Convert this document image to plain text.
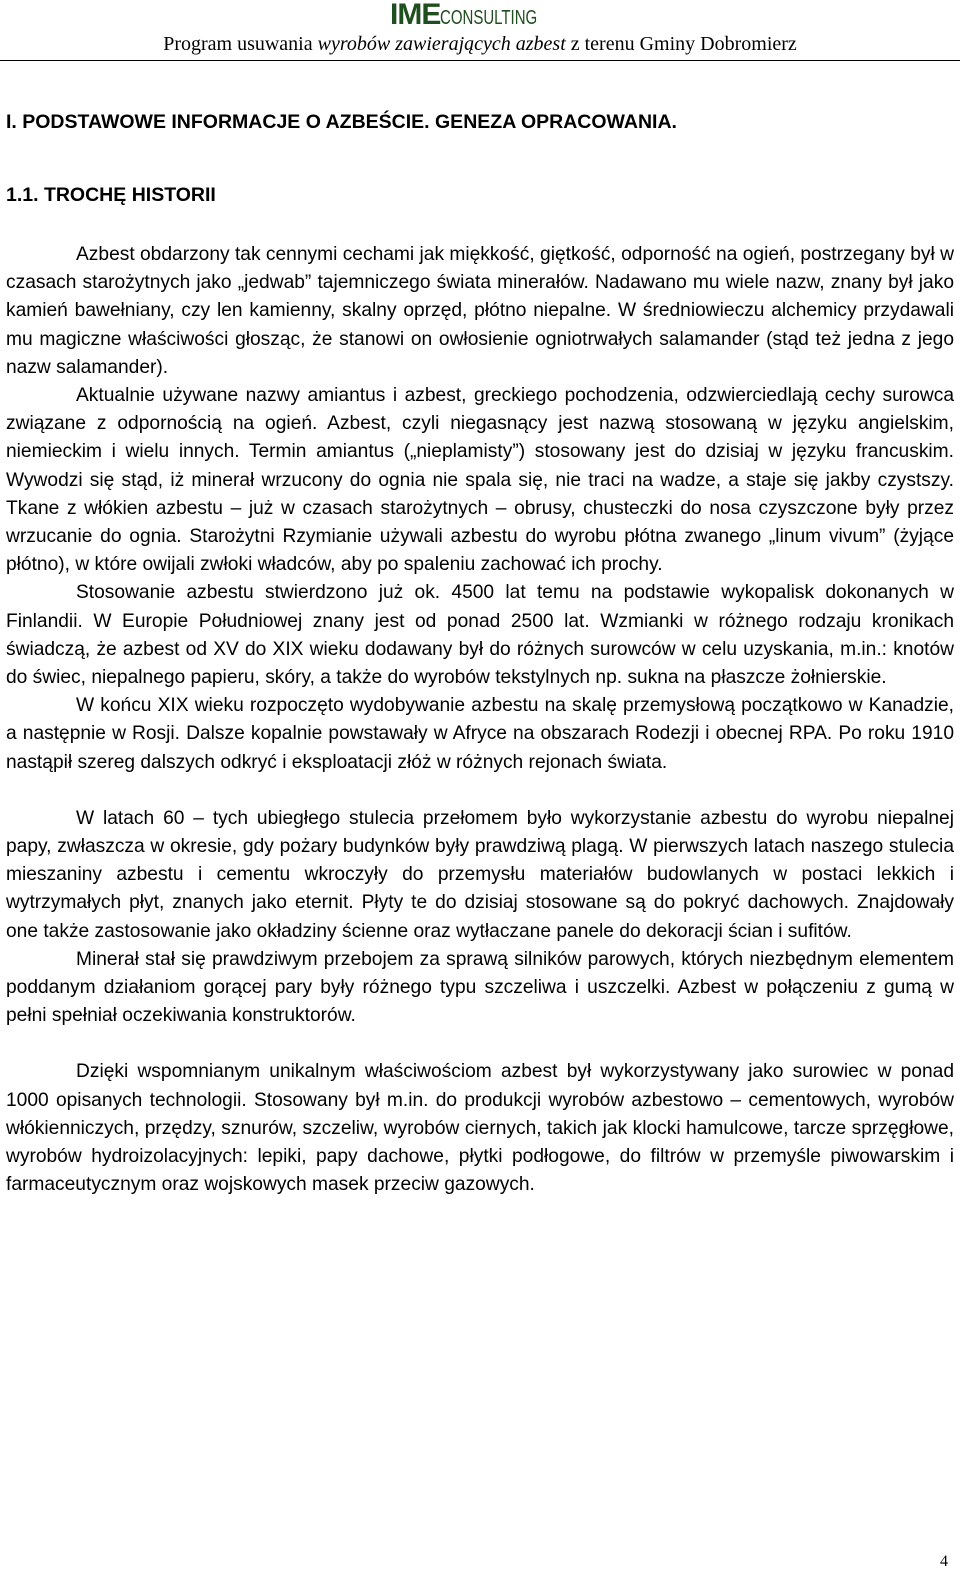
IMECONSULTING
Program usuwania wyrobów zawierających azbest z terenu Gminy Dobromierz
I. PODSTAWOWE INFORMACJE O AZBEŚCIE. GENEZA OPRACOWANIA.
1.1. TROCHĘ HISTORII

Azbest obdarzony tak cennymi cechami jak miękkość, giętkość, odporność na ogień, postrzegany był w czasach starożytnych jako „jedwab” tajemniczego świata minerałów. Nadawano mu wiele nazw, znany był jako kamień bawełniany, czy len kamienny, skalny oprzęd, płótno niepalne. W średniowieczu alchemicy przydawali mu magiczne właściwości głosząc, że stanowi on owłosienie ogniotrwałych salamander (stąd też jedna z jego nazw salamander).

Aktualnie używane nazwy amiantus i azbest, greckiego pochodzenia, odzwierciedlają cechy surowca związane z odpornością na ogień. Azbest, czyli niegasnący jest nazwą stosowaną w języku angielskim, niemieckim i wielu innych. Termin amiantus („nieplamisty”) stosowany jest do dzisiaj w języku francuskim. Wywodzi się stąd, iż minerał wrzucony do ognia nie spala się, nie traci na wadze, a staje się jakby czystszy. Tkane z włókien azbestu – już w czasach starożytnych – obrusy, chusteczki do nosa czyszczone były przez wrzucanie do ognia. Starożytni Rzymianie używali azbestu do wyrobu płótna zwanego „linum vivum” (żyjące płótno), w które owijali zwłoki władców, aby po spaleniu zachować ich prochy.

Stosowanie azbestu stwierdzono już ok. 4500 lat temu na podstawie wykopalisk dokonanych w Finlandii. W Europie Południowej znany jest od ponad 2500 lat. Wzmianki w różnego rodzaju kronikach świadczą, że azbest od XV do XIX wieku dodawany był do różnych surowców w celu uzyskania, m.in.: knotów do świec, niepalnego papieru, skóry, a także do wyrobów tekstylnych np. sukna na płaszcze żołnierskie.

W końcu XIX wieku rozpoczęto wydobywanie azbestu na skalę przemysłową początkowo w Kanadzie, a następnie w Rosji. Dalsze kopalnie powstawały w Afryce na obszarach Rodezji i obecnej RPA. Po roku 1910 nastąpił szereg dalszych odkryć i eksploatacji złóż w różnych rejonach świata.

W latach 60 – tych ubiegłego stulecia przełomem było wykorzystanie azbestu do wyrobu niepalnej papy, zwłaszcza w okresie, gdy pożary budynków były prawdziwą plagą. W pierwszych latach naszego stulecia mieszaniny azbestu i cementu wkroczyły do przemysłu materiałów budowlanych w postaci lekkich i wytrzymałych płyt, znanych jako eternit. Płyty te do dzisiaj stosowane są do pokryć dachowych. Znajdowały one także zastosowanie jako okładziny ścienne oraz wytłaczane panele do dekoracji ścian i sufitów.

Minerał stał się prawdziwym przebojem za sprawą silników parowych, których niezbędnym elementem poddanym działaniom gorącej pary były różnego typu szczeliwa i uszczelki. Azbest w połączeniu z gumą w pełni spełniał oczekiwania konstruktorów.

Dzięki wspomnianym unikalnym właściwościom azbest był wykorzystywany jako surowiec w ponad 1000 opisanych technologii. Stosowany był m.in. do produkcji wyrobów azbestowo – cementowych, wyrobów włókienniczych, przędzy, sznurów, szczeliw, wyrobów ciernych, takich jak klocki hamulcowe, tarcze sprzęgłowe, wyrobów hydroizolacyjnych: lepiki, papy dachowe, płytki podłogowe, do filtrów w przemyśle piwowarskim i farmaceutycznym oraz wojskowych masek przeciw gazowych.

4
